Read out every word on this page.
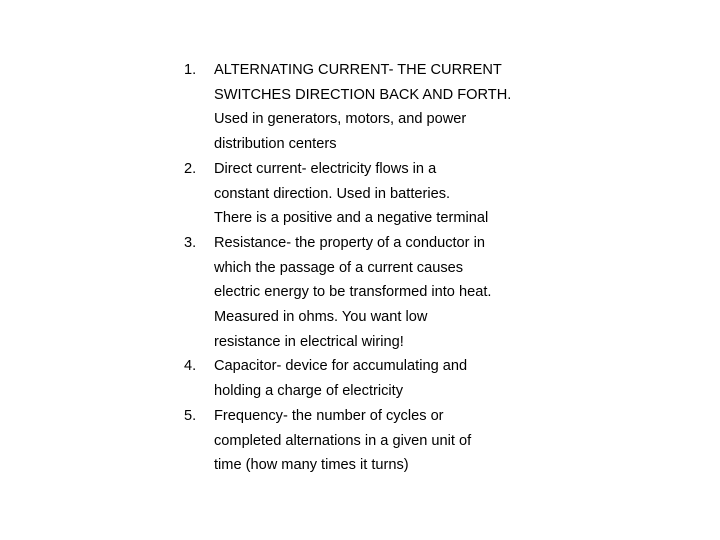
1.	ALTERNATING CURRENT- THE CURRENT
SWITCHES DIRECTION BACK AND FORTH.
Used in generators, motors, and power
distribution centers
2.	Direct current- electricity flows in a
constant direction. Used in batteries.
There is a positive and a negative terminal
3.	Resistance- the property of a conductor in
which the passage of a current causes
electric energy to be transformed into heat.
Measured in ohms. You want low
resistance in electrical wiring!
4.	Capacitor- device for accumulating and
holding a charge of electricity
5.	Frequency- the number of cycles or
completed alternations in a given unit of
time (how many times it turns)
